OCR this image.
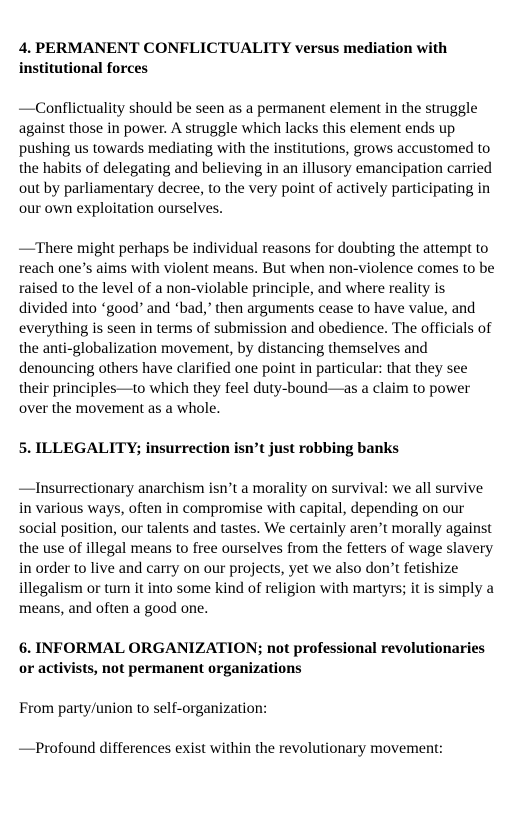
4. PERMANENT CONFLICTUALITY versus mediation with institutional forces

—Conflictuality should be seen as a permanent element in the struggle against those in power. A struggle which lacks this element ends up pushing us towards mediating with the institutions, grows accustomed to the habits of delegating and believing in an illusory emancipation carried out by parliamentary decree, to the very point of actively participating in our own exploitation ourselves.

—There might perhaps be individual reasons for doubting the attempt to reach one’s aims with violent means. But when non-violence comes to be raised to the level of a non-violable principle, and where reality is divided into ‘good’ and ‘bad,’ then arguments cease to have value, and everything is seen in terms of submission and obedience. The officials of the anti-globalization movement, by distancing themselves and denouncing others have clarified one point in particular: that they see their principles—to which they feel duty-bound—as a claim to power over the movement as a whole.

5. ILLEGALITY; insurrection isn’t just robbing banks

—Insurrectionary anarchism isn’t a morality on survival: we all survive in various ways, often in compromise with capital, depending on our social position, our talents and tastes. We certainly aren’t morally against the use of illegal means to free ourselves from the fetters of wage slavery in order to live and carry on our projects, yet we also don’t fetishize illegalism or turn it into some kind of religion with martyrs; it is simply a means, and often a good one.

6. INFORMAL ORGANIZATION; not professional revolutionaries or activists, not permanent organizations

From party/union to self-organization:

—Profound differences exist within the revolutionary movement:
